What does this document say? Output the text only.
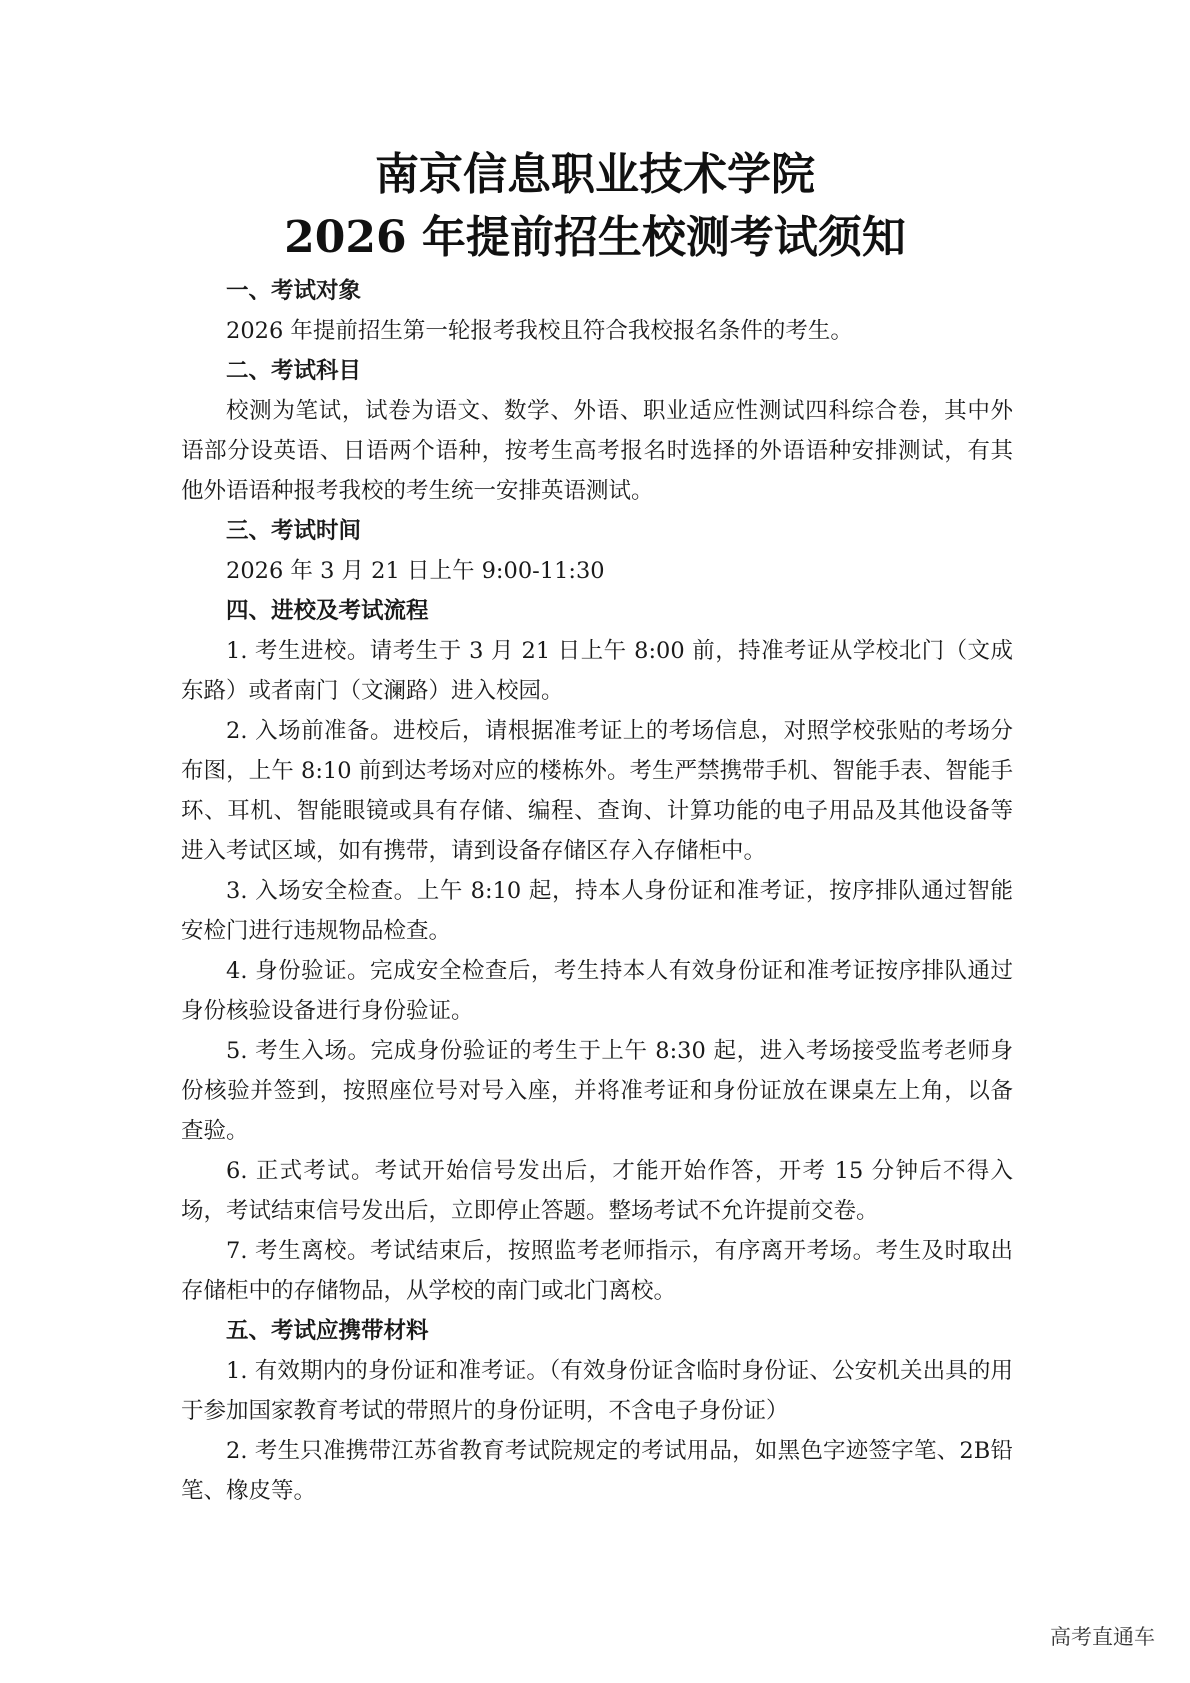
南京信息职业技术学院
2026 年提前招生校测考试须知

一、考试对象

2026 年提前招生第一轮报考我校且符合我校报名条件的考生。

二、考试科目

校测为笔试，试卷为语文、数学、外语、职业适应性测试四科综合卷，其中外语部分设英语、日语两个语种，按考生高考报名时选择的外语语种安排测试，有其他外语语种报考我校的考生统一安排英语测试。

三、考试时间

2026 年 3 月 21 日上午 9:00-11:30

四、进校及考试流程

1. 考生进校。请考生于 3 月 21 日上午 8:00 前，持准考证从学校北门（文成东路）或者南门（文澜路）进入校园。

2. 入场前准备。进校后，请根据准考证上的考场信息，对照学校张贴的考场分布图，上午 8:10 前到达考场对应的楼栋外。考生严禁携带手机、智能手表、智能手环、耳机、智能眼镜或具有存储、编程、查询、计算功能的电子用品及其他设备等进入考试区域，如有携带，请到设备存储区存入存储柜中。

3. 入场安全检查。上午 8:10 起，持本人身份证和准考证，按序排队通过智能安检门进行违规物品检查。

4. 身份验证。完成安全检查后，考生持本人有效身份证和准考证按序排队通过身份核验设备进行身份验证。

5. 考生入场。完成身份验证的考生于上午 8:30 起，进入考场接受监考老师身份核验并签到，按照座位号对号入座，并将准考证和身份证放在课桌左上角，以备查验。

6. 正式考试。考试开始信号发出后，才能开始作答，开考 15 分钟后不得入场，考试结束信号发出后，立即停止答题。整场考试不允许提前交卷。

7. 考生离校。考试结束后，按照监考老师指示，有序离开考场。考生及时取出存储柜中的存储物品，从学校的南门或北门离校。

五、考试应携带材料

1. 有效期内的身份证和准考证。（有效身份证含临时身份证、公安机关出具的用于参加国家教育考试的带照片的身份证明，不含电子身份证）

2. 考生只准携带江苏省教育考试院规定的考试用品，如黑色字迹签字笔、2B铅笔、橡皮等。

高考直通车
